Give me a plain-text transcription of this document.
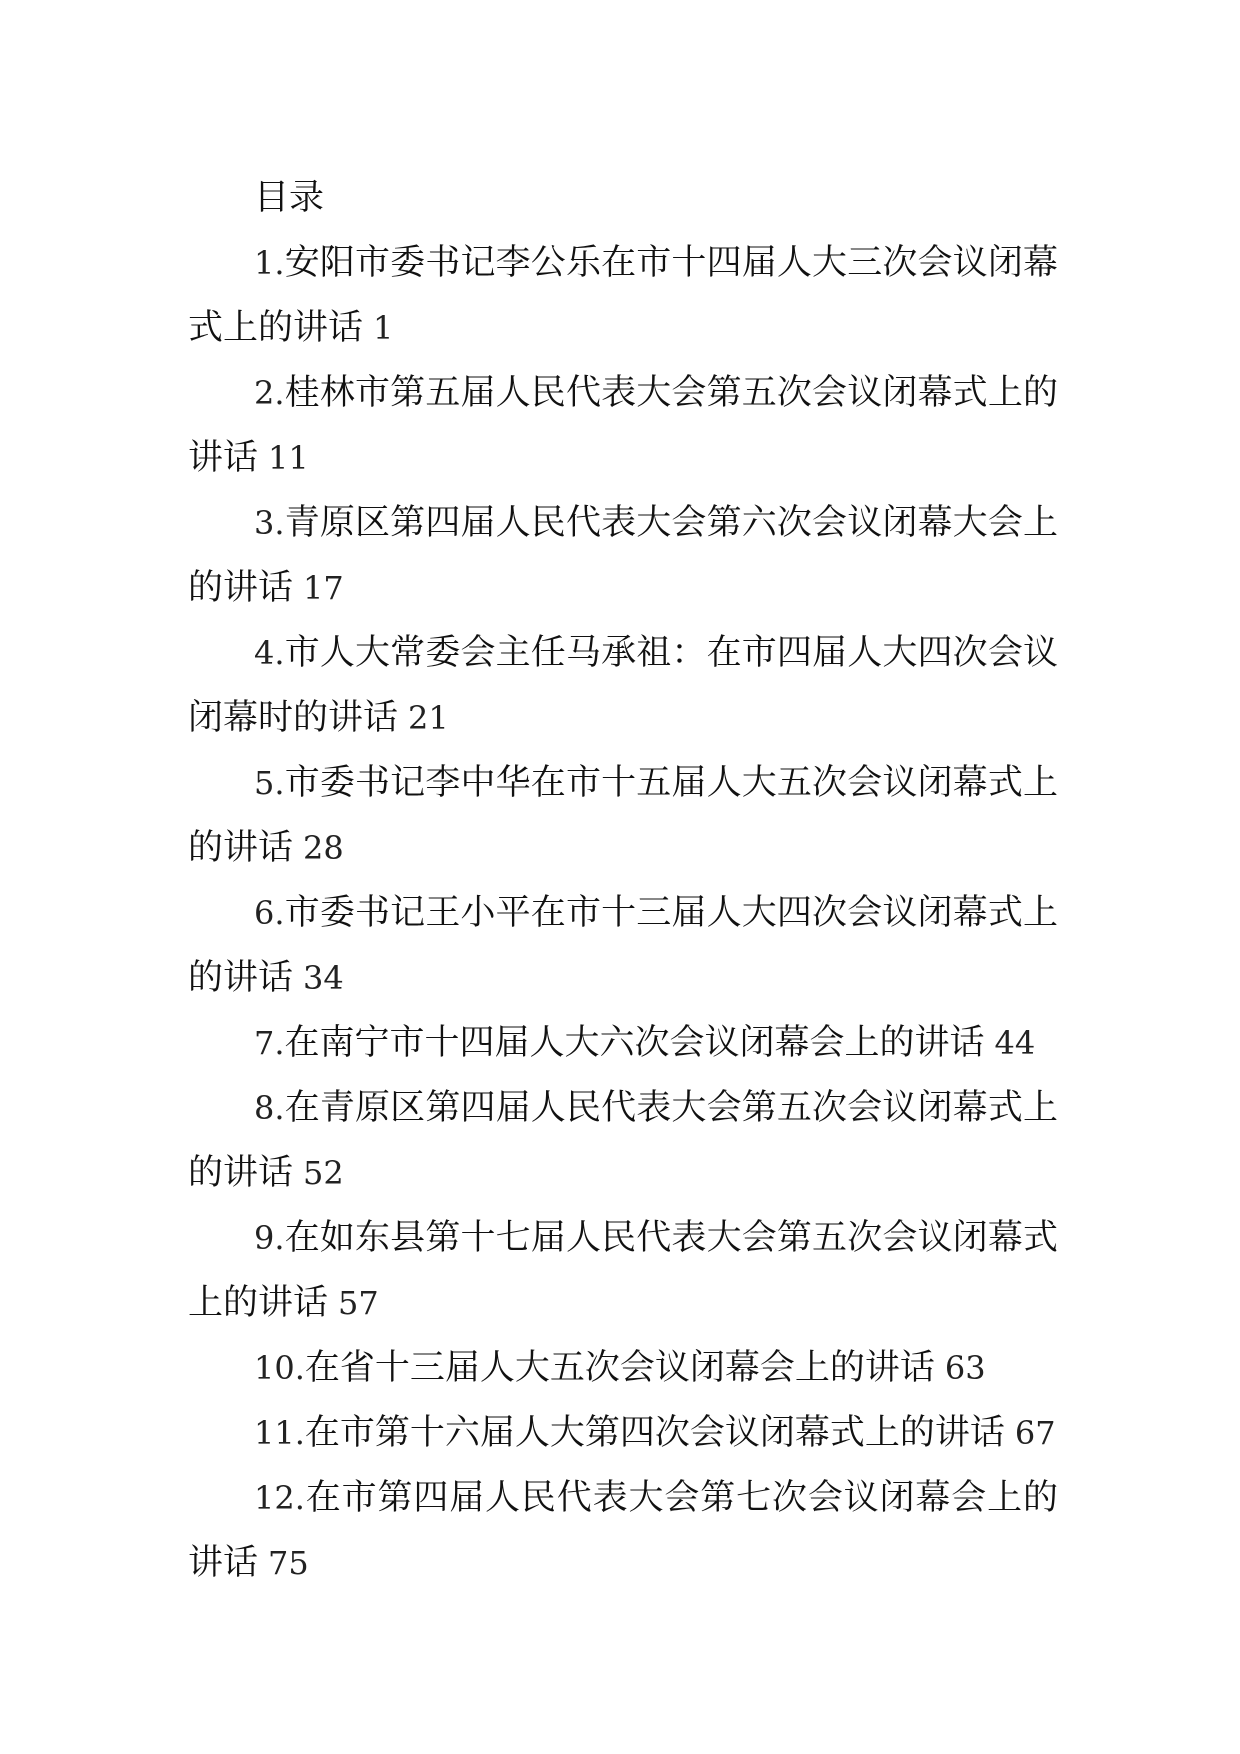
目录

1.安阳市委书记李公乐在市十四届人大三次会议闭幕式上的讲话 1

2.桂林市第五届人民代表大会第五次会议闭幕式上的讲话 11

3.青原区第四届人民代表大会第六次会议闭幕大会上的讲话 17

4.市人大常委会主任马承祖：在市四届人大四次会议闭幕时的讲话 21

5.市委书记李中华在市十五届人大五次会议闭幕式上的讲话 28

6.市委书记王小平在市十三届人大四次会议闭幕式上的讲话 34

7.在南宁市十四届人大六次会议闭幕会上的讲话 44

8.在青原区第四届人民代表大会第五次会议闭幕式上的讲话 52

9.在如东县第十七届人民代表大会第五次会议闭幕式上的讲话 57

10.在省十三届人大五次会议闭幕会上的讲话 63

11.在市第十六届人大第四次会议闭幕式上的讲话 67

12.在市第四届人民代表大会第七次会议闭幕会上的讲话 75
